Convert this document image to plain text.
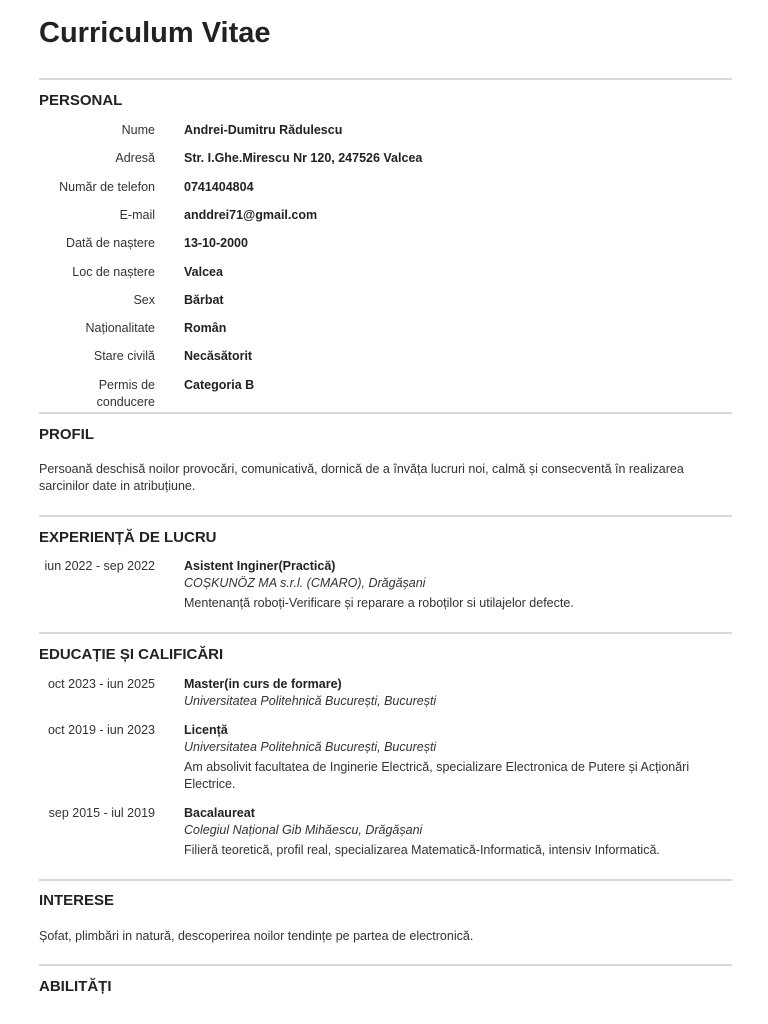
Curriculum Vitae
PERSONAL
Nume Andrei-Dumitru Rădulescu
Adresă Str. I.Ghe.Mirescu Nr 120, 247526 Valcea
Număr de telefon 0741404804
E-mail anddrei71@gmail.com
Dată de naștere 13-10-2000
Loc de naștere Valcea
Sex Bărbat
Naționalitate Român
Stare civilă Necăsătorit
Permis de conducere
Categoria B
PROFIL

Persoană deschisă noilor provocări, comunicativă, dornică de a învăța lucruri noi, calmă și consecventă în realizarea sarcinilor date in atribuțiune.

EXPERIENȚĂ DE LUCRU
iun 2022 - sep 2022 Asistent Inginer(Practică)
COȘKUNÖZ MA s.r.l. (CMARO), Drăgășani
Mentenanță roboți-Verificare și reparare a roboților si utilajelor defecte.
EDUCAȚIE ȘI CALIFICĂRI
oct 2023 - iun 2025 Master(in curs de formare)
Universitatea Politehnică București, București
oct 2019 - iun 2023 Licență
Universitatea Politehnică București, București
Am absolivit facultatea de Inginerie Electrică, specializare Electronica de Putere și Acționări Electrice.
sep 2015 - iul 2019 Bacalaureat
Colegiul Național Gib Mihăescu, Drăgășani
Filieră teoretică, profil real, specializarea Matematică-Informatică, intensiv Informatică.
INTERESE

Șofat, plimbări in natură, descoperirea noilor tendințe pe partea de electronică.

ABILITĂȚI
